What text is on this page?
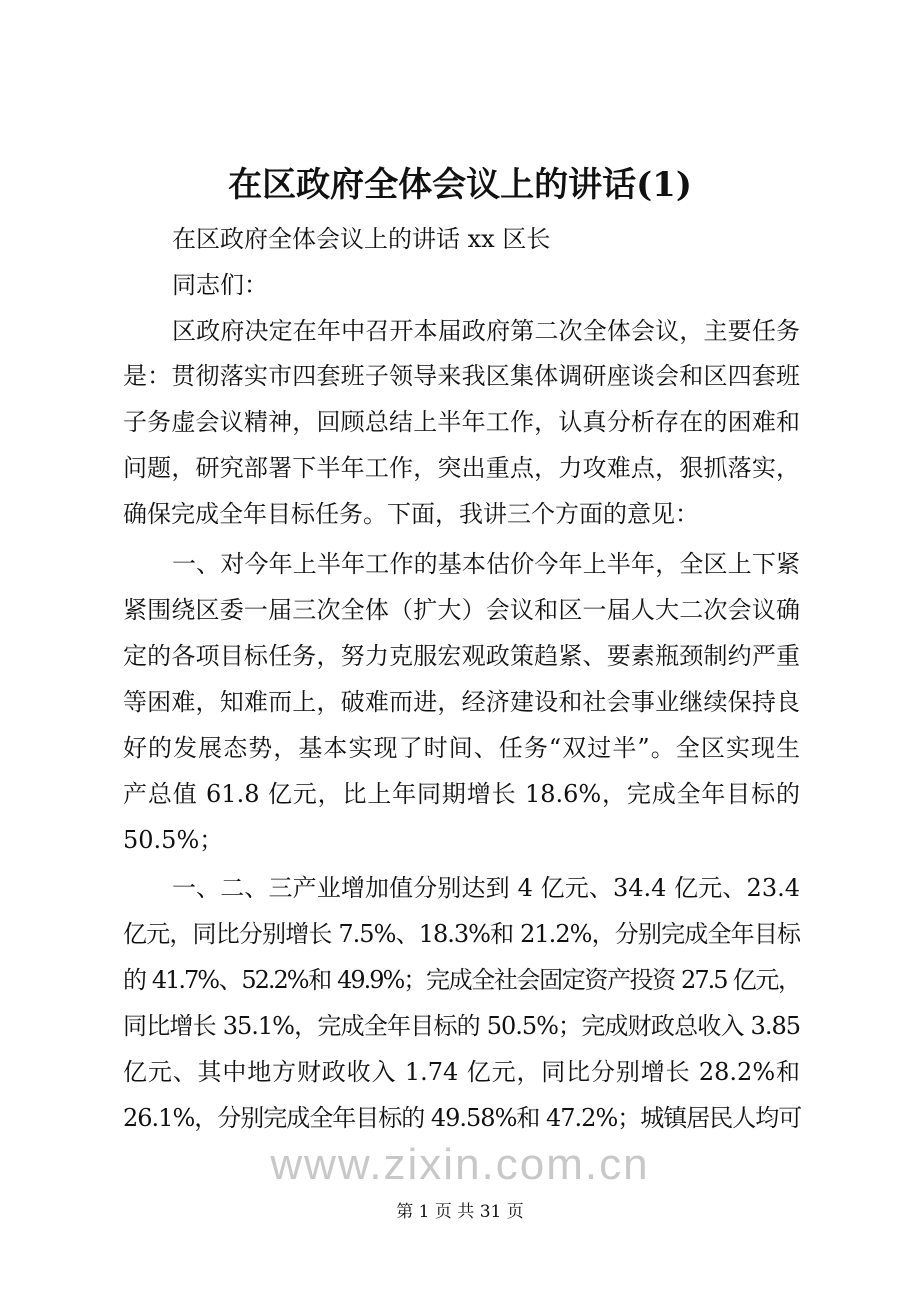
在区政府全体会议上的讲话(1)
在区政府全体会议上的讲话 xx 区长
同志们：
区政府决定在年中召开本届政府第二次全体会议，主要任务
是：贯彻落实市四套班子领导来我区集体调研座谈会和区四套班
子务虚会议精神，回顾总结上半年工作，认真分析存在的困难和
问题，研究部署下半年工作，突出重点，力攻难点，狠抓落实，
确保完成全年目标任务。下面，我讲三个方面的意见：
一、对今年上半年工作的基本估价今年上半年，全区上下紧
紧围绕区委一届三次全体（扩大）会议和区一届人大二次会议确
定的各项目标任务，努力克服宏观政策趋紧、要素瓶颈制约严重
等困难，知难而上，破难而进，经济建设和社会事业继续保持良
好的发展态势，基本实现了时间、任务“双过半”。全区实现生
产总值 61.8 亿元，比上年同期增长 18.6%，完成全年目标的
50.5%；
一、二、三产业增加值分别达到 4 亿元、34.4 亿元、23.4
亿元，同比分别增长 7.5%、18.3%和 21.2%，分别完成全年目标
的 41.7%、52.2%和 49.9%；完成全社会固定资产投资 27.5 亿元，
同比增长 35.1%，完成全年目标的 50.5%；完成财政总收入 3.85
亿元、其中地方财政收入 1.74 亿元，同比分别增长 28.2%和
26.1%，分别完成全年目标的 49.58%和 47.2%；城镇居民人均可
www.zixin.com.cn
第 1 页 共 31 页
